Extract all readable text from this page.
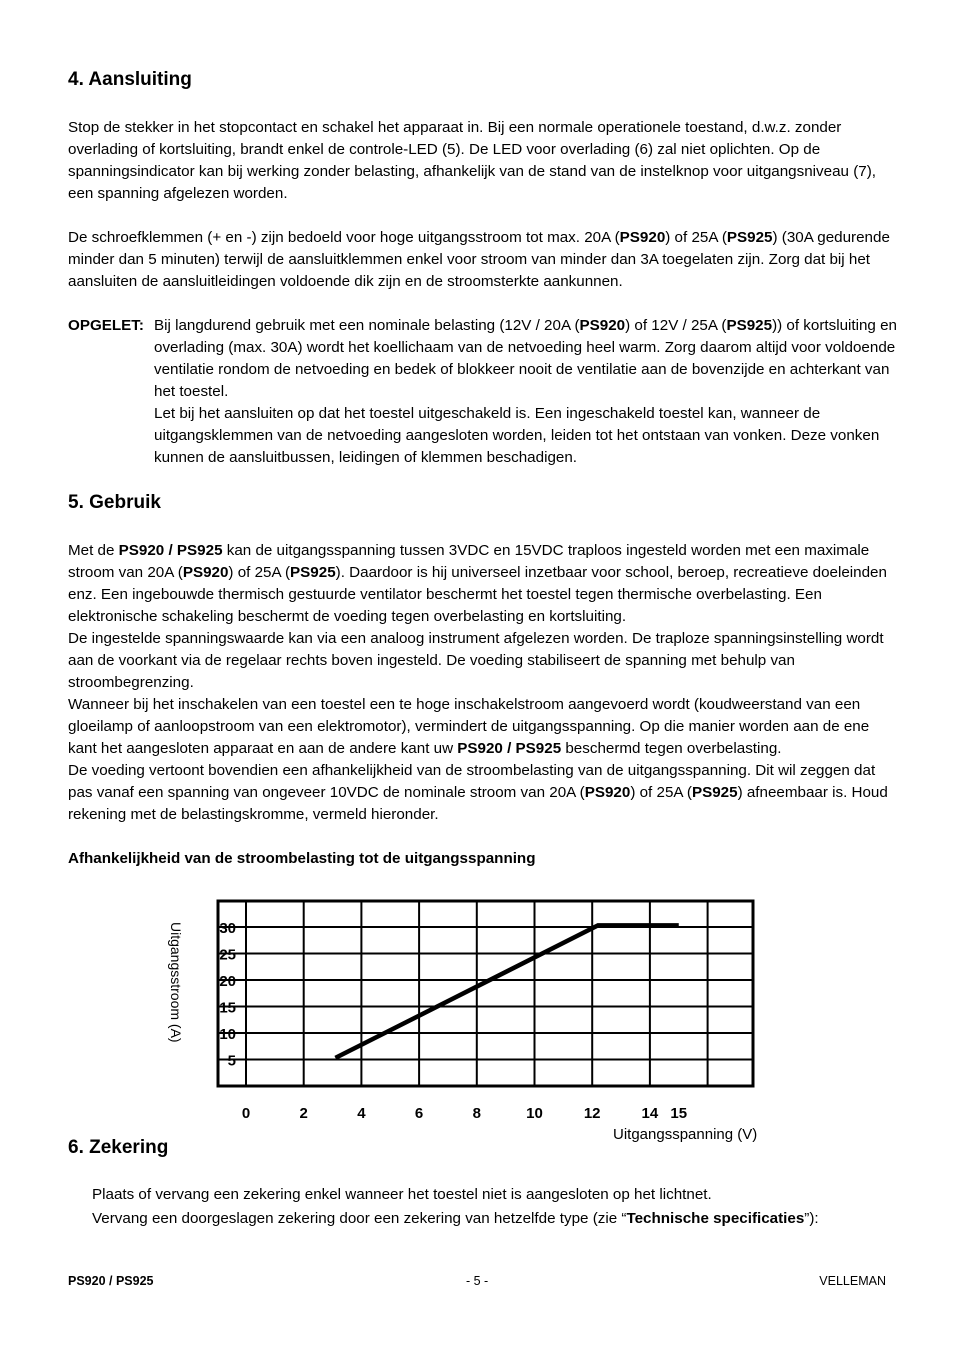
4. Aansluiting

Stop de stekker in het stopcontact en schakel het apparaat in. Bij een normale operationele toestand, d.w.z. zonder overlading of kortsluiting, brandt enkel de controle-LED (5). De LED voor overlading (6) zal niet oplichten. Op de spanningsindicator kan bij werking zonder belasting, afhankelijk van de stand van de instelknop voor uitgangsniveau (7), een spanning afgelezen worden.

De schroefklemmen (+ en -) zijn bedoeld voor hoge uitgangsstroom tot max. 20A (PS920) of 25A (PS925) (30A gedurende minder dan 5 minuten) terwijl de aansluitklemmen enkel voor stroom van minder dan 3A toegelaten zijn. Zorg dat bij het aansluiten de aansluitleidingen voldoende dik zijn en de stroomsterkte aankunnen.

OPGELET: Bij langdurend gebruik met een nominale belasting (12V / 20A (PS920) of 12V / 25A (PS925)) of kortsluiting en overlading (max. 30A) wordt het koellichaam van de netvoeding heel warm. Zorg daarom altijd voor voldoende ventilatie rondom de netvoeding en bedek of blokkeer nooit de ventilatie aan de bovenzijde en achterkant van het toestel.
Let bij het aansluiten op dat het toestel uitgeschakeld is. Een ingeschakeld toestel kan, wanneer de uitgangsklemmen van de netvoeding aangesloten worden, leiden tot het ontstaan van vonken. Deze vonken kunnen de aansluitbussen, leidingen of klemmen beschadigen.
5. Gebruik
Met de PS920 / PS925 kan de uitgangsspanning tussen 3VDC en 15VDC traploos ingesteld worden met een maximale stroom van 20A (PS920) of 25A (PS925). Daardoor is hij universeel inzetbaar voor school, beroep, recreatieve doeleinden enz. Een ingebouwde thermisch gestuurde ventilator beschermt het toestel tegen thermische overbelasting. Een elektronische schakeling beschermt de voeding tegen overbelasting en kortsluiting.
De ingestelde spanningswaarde kan via een analoog instrument afgelezen worden. De traploze spanningsinstelling wordt aan de voorkant via de regelaar rechts boven ingesteld. De voeding stabiliseert de spanning met behulp van stroombegrenzing.
Wanneer bij het inschakelen van een toestel een te hoge inschakelstroom aangevoerd wordt (koudweerstand van een gloeilamp of aanloopstroom van een elektromotor), vermindert de uitgangsspanning. Op die manier worden aan de ene kant het aangesloten apparaat en aan de andere kant uw PS920 / PS925 beschermd tegen overbelasting.
De voeding vertoont bovendien een afhankelijkheid van de stroombelasting van de uitgangsspanning. Dit wil zeggen dat pas vanaf een spanning van ongeveer 10VDC de nominale stroom van 20A (PS920) of 25A (PS925) afneembaar is. Houd rekening met de belastingskromme, vermeld hieronder.

Afhankelijkheid van de stroombelasting tot de uitgangsspanning

Uitgangsstroom (A)
5
10
15
20
25
30
0	2	4	6	8	10	12	14 15
Uitgangsspanning (V)
6. Zekering
Plaats of vervang een zekering enkel wanneer het toestel niet is aangesloten op het lichtnet.
Vervang een doorgeslagen zekering door een zekering van hetzelfde type (zie “Technische specificaties”):
PS920 / PS925	- 5 -	VELLEMAN
